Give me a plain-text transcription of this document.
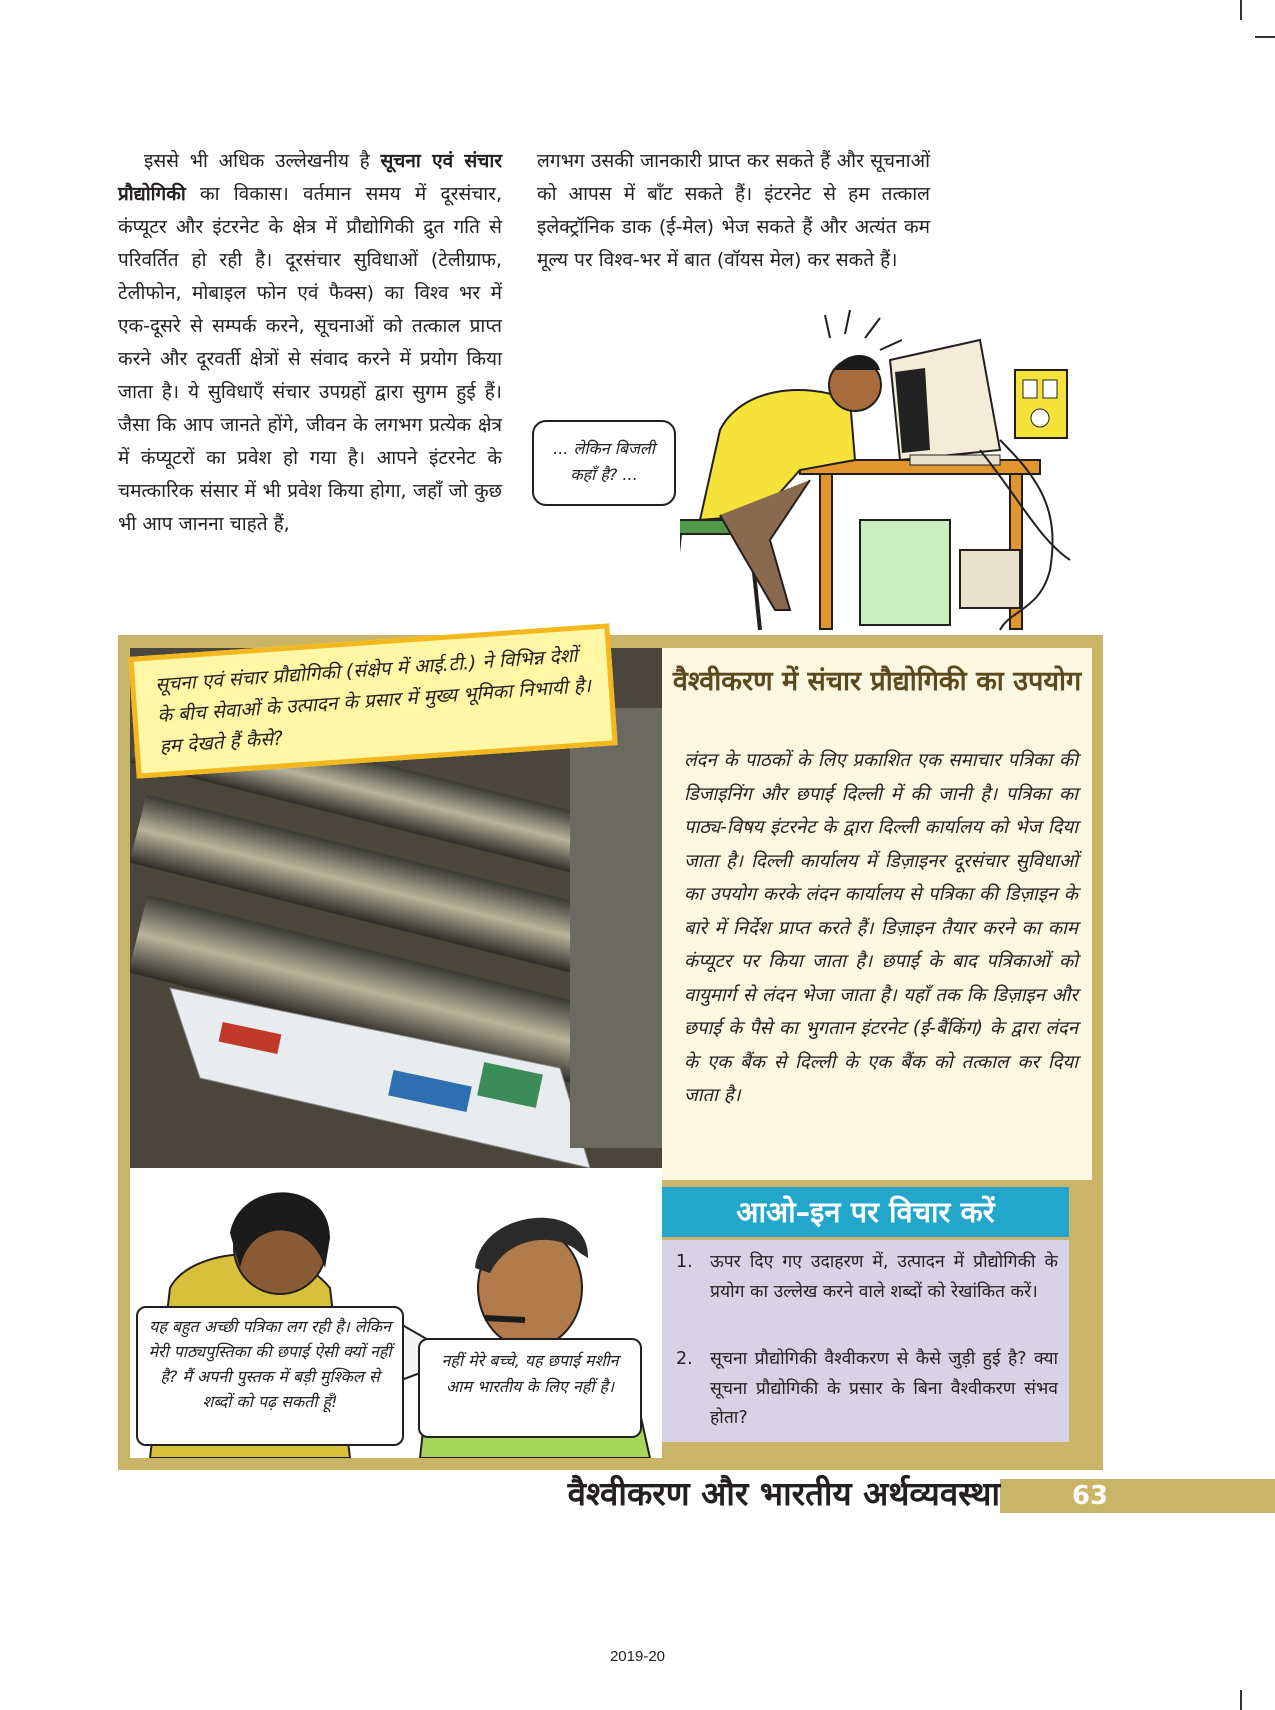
इससे भी अधिक उल्लेखनीय है सूचना एवं संचार प्रौद्योगिकी का विकास। वर्तमान समय में दूरसंचार, कंप्यूटर और इंटरनेट के क्षेत्र में प्रौद्योगिकी द्रुत गति से परिवर्तित हो रही है। दूरसंचार सुविधाओं (टेलीग्राफ, टेलीफोन, मोबाइल फोन एवं फैक्स) का विश्व भर में एक-दूसरे से सम्पर्क करने, सूचनाओं को तत्काल प्राप्त करने और दूरवर्ती क्षेत्रों से संवाद करने में प्रयोग किया जाता है। ये सुविधाएँ संचार उपग्रहों द्वारा सुगम हुई हैं। जैसा कि आप जानते होंगे, जीवन के लगभग प्रत्येक क्षेत्र में कंप्यूटरों का प्रवेश हो गया है। आपने इंटरनेट के चमत्कारिक संसार में भी प्रवेश किया होगा, जहाँ जो कुछ भी आप जानना चाहते हैं,

लगभग उसकी जानकारी प्राप्त कर सकते हैं और सूचनाओं को आपस में बाँट सकते हैं। इंटरनेट से हम तत्काल इलेक्ट्रॉनिक डाक (ई-मेल) भेज सकते हैं और अत्यंत कम मूल्य पर विश्व-भर में बात (वॉयस मेल) कर सकते हैं।

... लेकिन बिजली कहाँ है? ...

सूचना एवं संचार प्रौद्योगिकी (संक्षेप में आई.टी.) ने विभिन्न देशों के बीच सेवाओं के उत्पादन के प्रसार में मुख्य भूमिका निभायी है। हम देखते हैं कैसे?

यह बहुत अच्छी पत्रिका लग रही है। लेकिन मेरी पाठ्यपुस्तिका की छपाई ऐसी क्यों नहीं है? मैं अपनी पुस्तक में बड़ी मुश्किल से शब्दों को पढ़ सकती हूँ!
नहीं मेरे बच्चे, यह छपाई मशीन आम भारतीय के लिए नहीं है।
वैश्वीकरण में संचार प्रौद्योगिकी का उपयोग

लंदन के पाठकों के लिए प्रकाशित एक समाचार पत्रिका की डिजाइनिंग और छपाई दिल्ली में की जानी है। पत्रिका का पाठ्य-विषय इंटरनेट के द्वारा दिल्ली कार्यालय को भेज दिया जाता है। दिल्ली कार्यालय में डिज़ाइनर दूरसंचार सुविधाओं का उपयोग करके लंदन कार्यालय से पत्रिका की डिज़ाइन के बारे में निर्देश प्राप्त करते हैं। डिज़ाइन तैयार करने का काम कंप्यूटर पर किया जाता है। छपाई के बाद पत्रिकाओं को वायुमार्ग से लंदन भेजा जाता है। यहाँ तक कि डिज़ाइन और छपाई के पैसे का भुगतान इंटरनेट (ई-बैंकिंग) के द्वारा लंदन के एक बैंक से दिल्ली के एक बैंक को तत्काल कर दिया जाता है।

आओ–इन पर विचार करें
1. ऊपर दिए गए उदाहरण में, उत्पादन में प्रौद्योगिकी के प्रयोग का उल्लेख करने वाले शब्दों को रेखांकित करें।
2. सूचना प्रौद्योगिकी वैश्वीकरण से कैसे जुड़ी हुई है? क्या सूचना प्रौद्योगिकी के प्रसार के बिना वैश्वीकरण संभव होता?
वैश्वीकरण और भारतीय अर्थव्यवस्था	63
2019-20
